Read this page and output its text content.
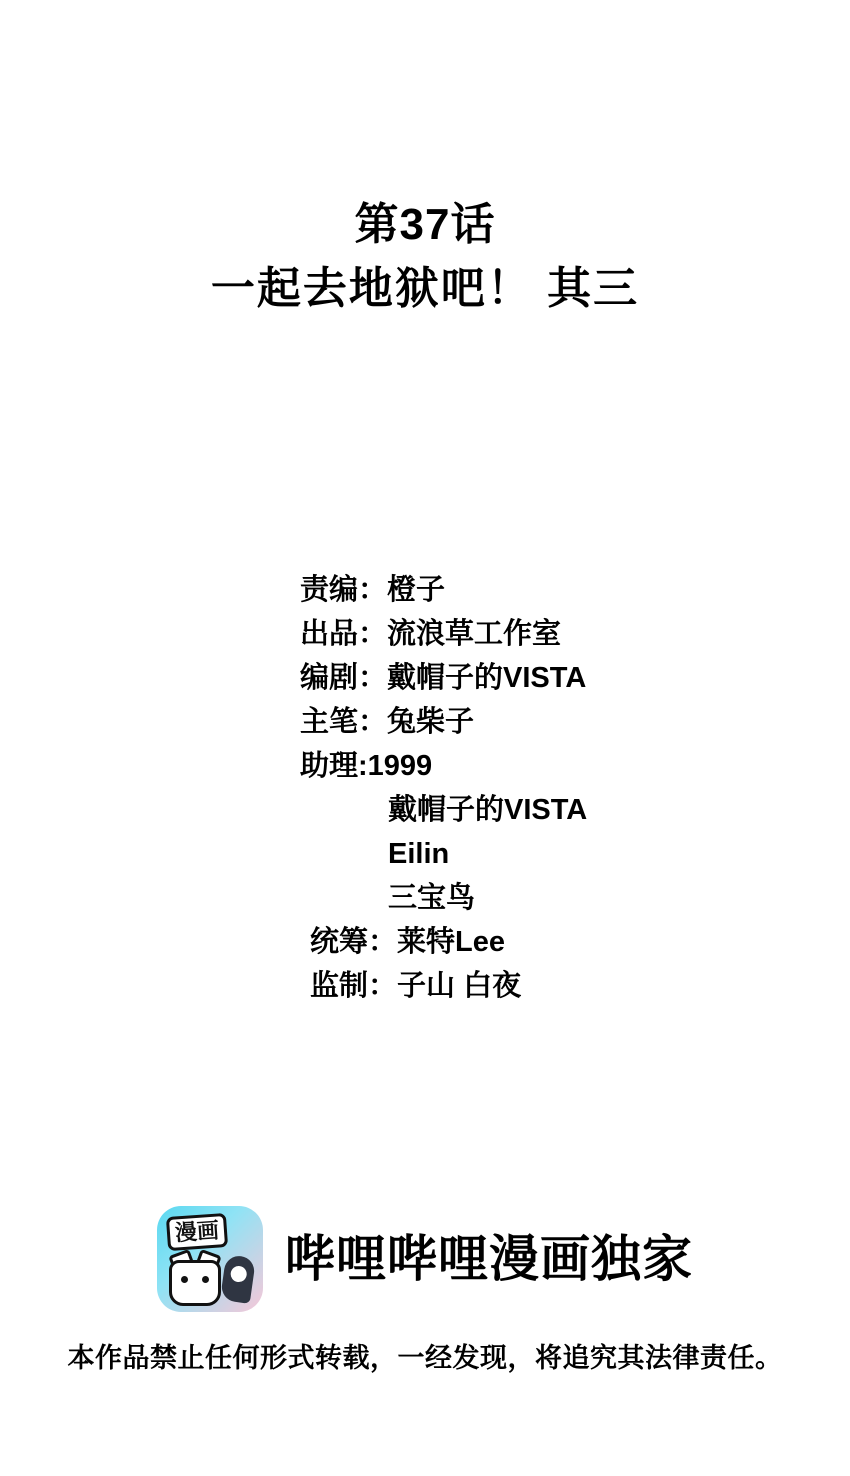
第37话
一起去地狱吧！ 其三
责编：橙子
出品：流浪草工作室
编剧：戴帽子的VISTA
主笔：兔柴子
助理:1999
戴帽子的VISTA
Eilin
三宝鸟
统筹：莱特Lee
监制：子山 白夜
漫画 哔哩哔哩漫画独家
本作品禁止任何形式转载，一经发现，将追究其法律责任。
